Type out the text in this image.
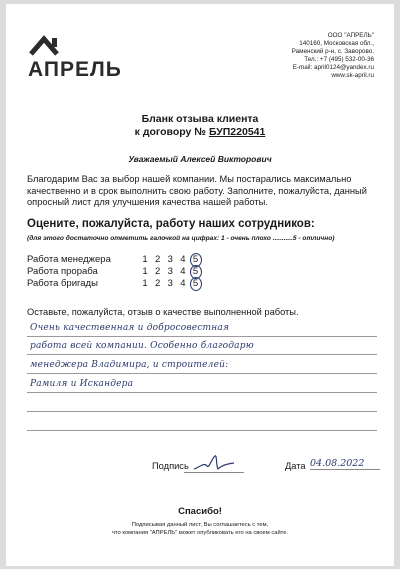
АПРЕЛЬ
ООО "АПРЕЛЬ"
140160, Московская обл.,
Раменский р-н, с. Заворово.
Тел.: +7 (495) 532-00-36
E-mail: april0124@yandex.ru
www.sk-april.ru
Бланк отзыва клиента
к договору № БУП220541
Уважаемый Алексей Викторович
Благодарим Вас за выбор нашей компании. Мы постарались максимально качественно и в срок выполнить свою работу. Заполните, пожалуйста, данный опросный лист для улучшения качества нашей работы.
Оцените, пожалуйста, работу наших сотрудников:
(для этого достаточно отметить галочкой на цифрах: 1 - очень плохо ...........5 - отлично)
Работа менеджера	1 2 3 4 5
Работа прораба	1 2 3 4 5
Работа бригады	1 2 3 4 5
Оставьте, пожалуйста, отзыв о качестве выполненной работы.
Очень качественная и добросовестная
работа всей компании. Особенно благодарю
менеджера Владимира, и строителей:
Рамиля и Искандера
Подпись	Дата 04.08.2022
Спасибо!
Подписывая данный лист, Вы соглашаетесь с тем,
что компания "АПРЕЛЬ" может опубликовать его на своем сайте.
